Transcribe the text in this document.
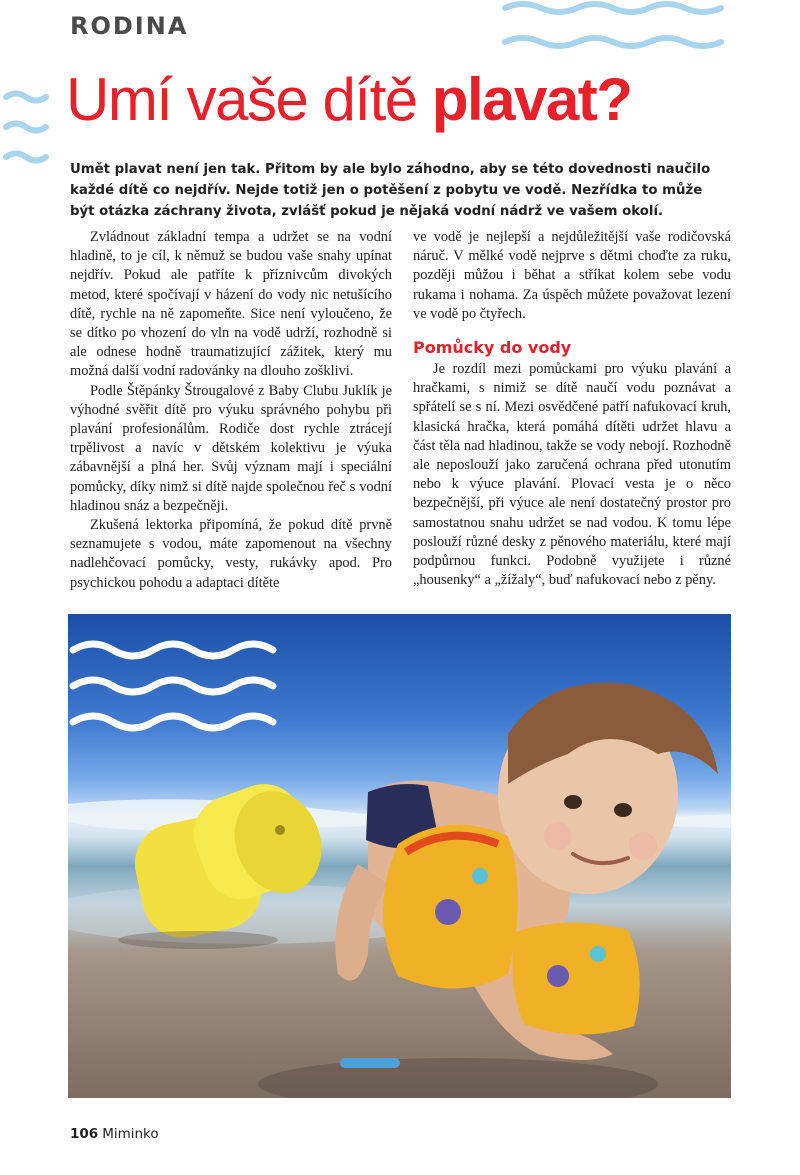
RODINA
Umí vaše dítě plavat?

Umět plavat není jen tak. Přitom by ale bylo záhodno, aby se této dovednosti naučilo každé dítě co nejdřív. Nejde totiž jen o potěšení z pobytu ve vodě. Nezřídka to může být otázka záchrany života, zvlášť pokud je nějaká vodní nádrž ve vašem okolí.

Zvládnout základní tempa a udržet se na vodní hladině, to je cíl, k němuž se budou vaše snahy upínat nejdřív. Pokud ale patříte k příznivcům divokých metod, které spočívají v házení do vody nic netušícího dítě, rychle na ně zapomeňte. Sice není vyloučeno, že se dítko po vhození do vln na vodě udrží, rozhodně si ale odnese hodně traumatizující zážitek, který mu možná další vodní radovánky na dlouho zošklivi.

Podle Štěpánky Štrougalové z Baby Clubu Juklík je výhodné svěřit dítě pro výuku správného pohybu při plavání profesionálům. Rodiče dost rychle ztrácejí trpělivost a navíc v dětském kolektivu je výuka zábavnější a plná her. Svůj význam mají i speciální pomůcky, díky nimž si dítě najde společnou řeč s vodní hladinou snáz a bezpečněji.

Zkušená lektorka připomíná, že pokud dítě prvně seznamujete s vodou, máte zapomenout na všechny nadlehčovací pomůcky, vesty, rukávky apod. Pro psychickou pohodu a adaptaci dítěte

ve vodě je nejlepší a nejdůležitější vaše rodičovská náruč. V mělké vodě nejprve s dětmi choďte za ruku, později můžou i běhat a stříkat kolem sebe vodu rukama i nohama. Za úspěch můžete považovat lezení ve vodě po čtyřech.

Pomůcky do vody

Je rozdíl mezi pomůckami pro výuku plavání a hračkami, s nimiž se dítě naučí vodu poznávat a spřátelí se s ní. Mezi osvědčené patří nafukovací kruh, klasická hračka, která pomáhá dítěti udržet hlavu a část těla nad hladinou, takže se vody nebojí. Rozhodně ale neposlouží jako zaručená ochrana před utonutím nebo k výuce plavání. Plovací vesta je o něco bezpečnější, při výuce ale není dostatečný prostor pro samostatnou snahu udržet se nad vodou. K tomu lépe poslouží různé desky z pěnového materiálu, které mají podpůrnou funkci. Podobně využijete i různé „housenky“ a „žížaly“, buď nafukovací nebo z pěny.

106 Miminko
